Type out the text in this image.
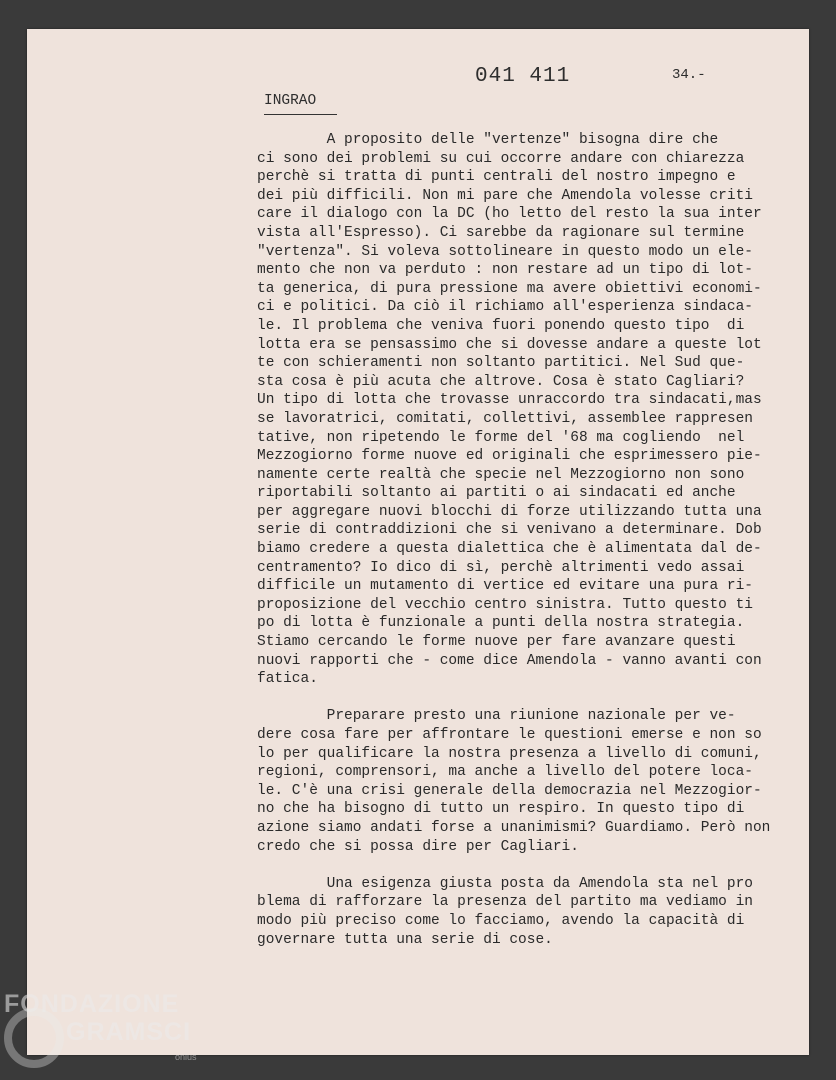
041 411	34.-
INGRAO
A proposito delle "vertenze" bisogna dire che
ci sono dei problemi su cui occorre andare con chiarezza
perchè si tratta di punti centrali del nostro impegno e
dei più difficili. Non mi pare che Amendola volesse criti
care il dialogo con la DC (ho letto del resto la sua inter
vista all'Espresso). Ci sarebbe da ragionare sul termine
"vertenza". Si voleva sottolineare in questo modo un ele-
mento che non va perduto : non restare ad un tipo di lot-
ta generica, di pura pressione ma avere obiettivi economi-
ci e politici. Da ciò il richiamo all'esperienza sindaca-
le. Il problema che veniva fuori ponendo questo tipo  di
lotta era se pensassimo che si dovesse andare a queste lot
te con schieramenti non soltanto partitici. Nel Sud que-
sta cosa è più acuta che altrove. Cosa è stato Cagliari?
Un tipo di lotta che trovasse unraccordo tra sindacati,mas
se lavoratrici, comitati, collettivi, assemblee rappresen
tative, non ripetendo le forme del '68 ma cogliendo  nel
Mezzogiorno forme nuove ed originali che esprimessero pie-
namente certe realtà che specie nel Mezzogiorno non sono
riportabili soltanto ai partiti o ai sindacati ed anche
per aggregare nuovi blocchi di forze utilizzando tutta una
serie di contraddizioni che si venivano a determinare. Dob
biamo credere a questa dialettica che è alimentata dal de-
centramento? Io dico di sì, perchè altrimenti vedo assai
difficile un mutamento di vertice ed evitare una pura ri-
proposizione del vecchio centro sinistra. Tutto questo ti
po di lotta è funzionale a punti della nostra strategia.
Stiamo cercando le forme nuove per fare avanzare questi
nuovi rapporti che - come dice Amendola - vanno avanti con
fatica.
Preparare presto una riunione nazionale per ve-
dere cosa fare per affrontare le questioni emerse e non so
lo per qualificare la nostra presenza a livello di comuni,
regioni, comprensori, ma anche a livello del potere loca-
le. C'è una crisi generale della democrazia nel Mezzogior-
no che ha bisogno di tutto un respiro. In questo tipo di
azione siamo andati forse a unanimismi? Guardiamo. Però non
credo che si possa dire per Cagliari.
Una esigenza giusta posta da Amendola sta nel pro
blema di rafforzare la presenza del partito ma vediamo in
modo più preciso come lo facciamo, avendo la capacità di
governare tutta una serie di cose.
FONDAZIONE
GRAMSCI
onlus
